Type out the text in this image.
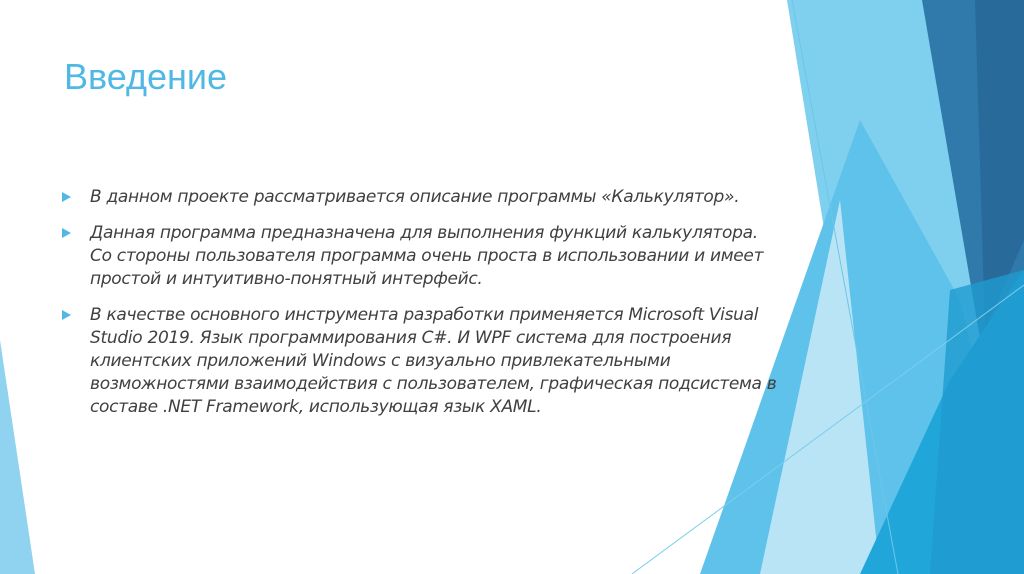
Введение
В данном проекте рассматривается описание программы «Калькулятор».
Данная программа предназначена для выполнения функций калькулятора. Со стороны пользователя программа очень проста в использовании и имеет простой и интуитивно-понятный интерфейс.
В качестве основного инструмента разработки применяется Microsoft Visual Studio 2019. Язык программирования C#. И WPF система для построения клиентских приложений Windows с визуально привлекательными возможностями взаимодействия с пользователем, графическая подсистема в составе .NET Framework, использующая язык XAML.
